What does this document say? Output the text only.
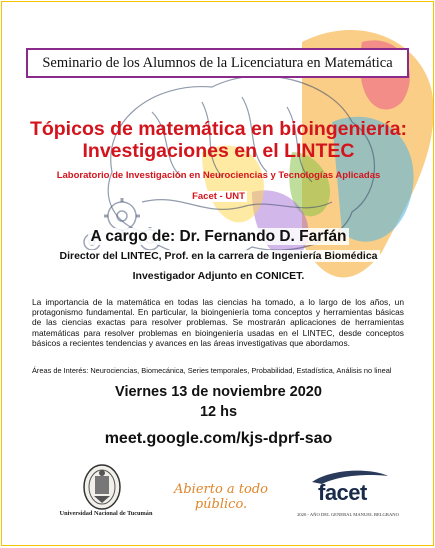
Seminario de los Alumnos de la Licenciatura en Matemática
Tópicos de matemática en bioingeniería:
Investigaciones en el LINTEC
Laboratorio de Investigación en Neurociencias y Tecnologías Aplicadas
Facet - UNT
A cargo de: Dr. Fernando D. Farfán
Director del LINTEC, Prof. en la carrera de Ingeniería Biomédica
Investigador Adjunto en CONICET.
La importancia de la matemática en todas las ciencias ha tomado, a lo largo de los años, un protagonismo fundamental. En particular, la bioingeniería toma conceptos y herramientas básicas de las ciencias exactas para resolver problemas. Se mostrarán aplicaciones de herramientas matemáticas para resolver problemas en bioingeniería usadas en el LINTEC, desde conceptos básicos a recientes tendencias y avances en las áreas investigativas que abordamos.
Áreas de Interés: Neurociencias, Biomecánica, Series temporales, Probabilidad, Estadística, Análisis no lineal
Viernes 13 de noviembre 2020
12 hs
meet.google.com/kjs-dprf-sao
Universidad Nacional de Tucumán
Abierto a todo público.	facet
2020 - AÑO DEL GENERAL MANUEL BELGRANO
